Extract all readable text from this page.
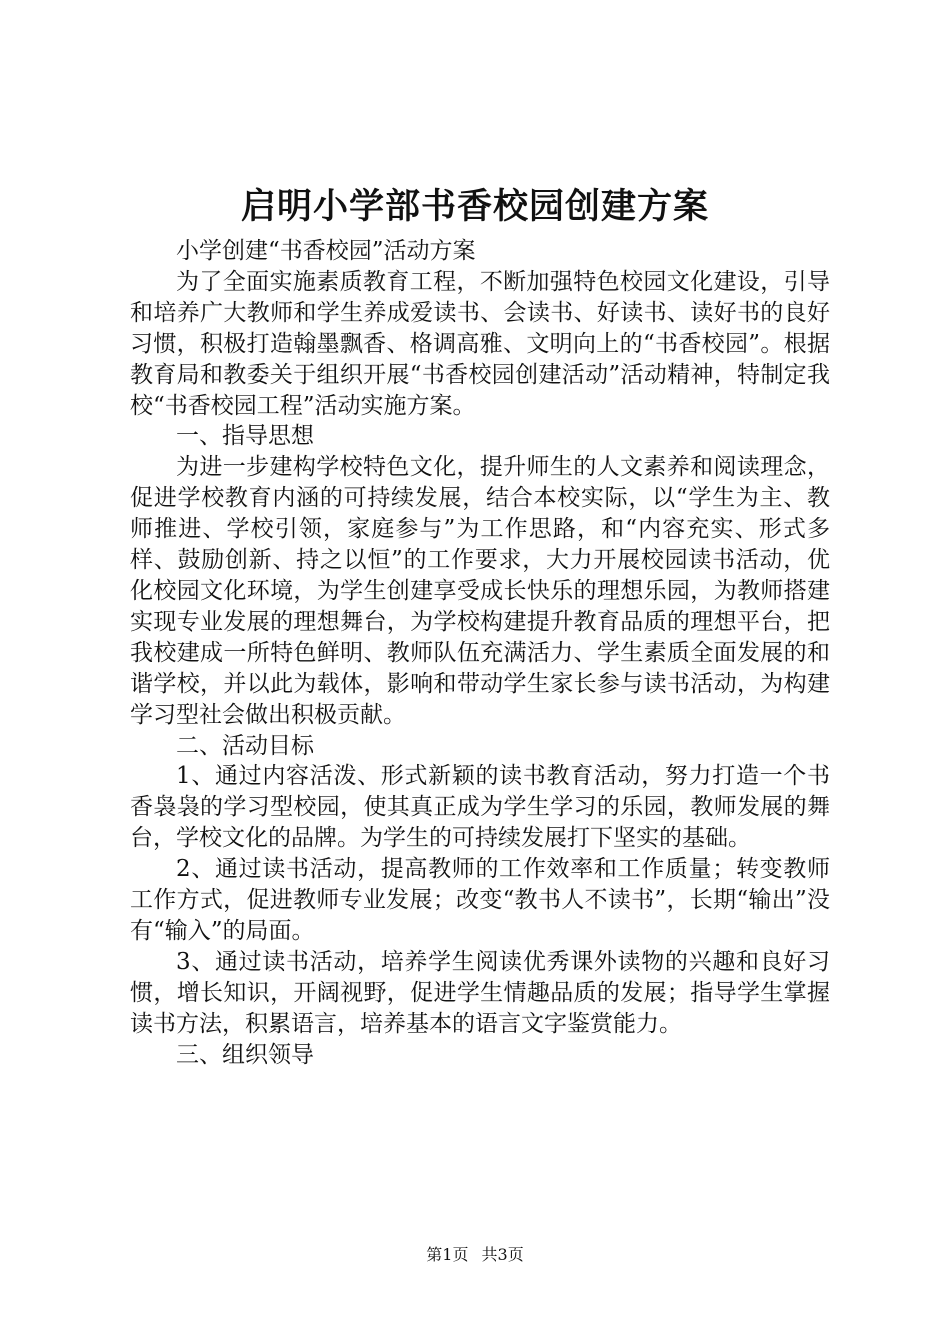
启明小学部书香校园创建方案

小学创建“书香校园”活动方案

为了全面实施素质教育工程，不断加强特色校园文化建设，引导和培养广大教师和学生养成爱读书、会读书、好读书、读好书的良好习惯，积极打造翰墨飘香、格调高雅、文明向上的“书香校园”。根据教育局和教委关于组织开展“书香校园创建活动”活动精神，特制定我校“书香校园工程”活动实施方案。

一、指导思想

为进一步建构学校特色文化，提升师生的人文素养和阅读理念，促进学校教育内涵的可持续发展，结合本校实际，以“学生为主、教师推进、学校引领，家庭参与”为工作思路，和“内容充实、形式多样、鼓励创新、持之以恒”的工作要求，大力开展校园读书活动，优化校园文化环境，为学生创建享受成长快乐的理想乐园，为教师搭建实现专业发展的理想舞台，为学校构建提升教育品质的理想平台，把我校建成一所特色鲜明、教师队伍充满活力、学生素质全面发展的和谐学校，并以此为载体，影响和带动学生家长参与读书活动，为构建学习型社会做出积极贡献。

二、活动目标

1、通过内容活泼、形式新颖的读书教育活动，努力打造一个书香袅袅的学习型校园，使其真正成为学生学习的乐园，教师发展的舞台，学校文化的品牌。为学生的可持续发展打下坚实的基础。

2、通过读书活动，提高教师的工作效率和工作质量；转变教师工作方式，促进教师专业发展；改变“教书人不读书”，长期“输出”没有“输入”的局面。

3、通过读书活动，培养学生阅读优秀课外读物的兴趣和良好习惯，增长知识，开阔视野，促进学生情趣品质的发展；指导学生掌握读书方法，积累语言，培养基本的语言文字鉴赏能力。

三、组织领导

第1页 共3页
